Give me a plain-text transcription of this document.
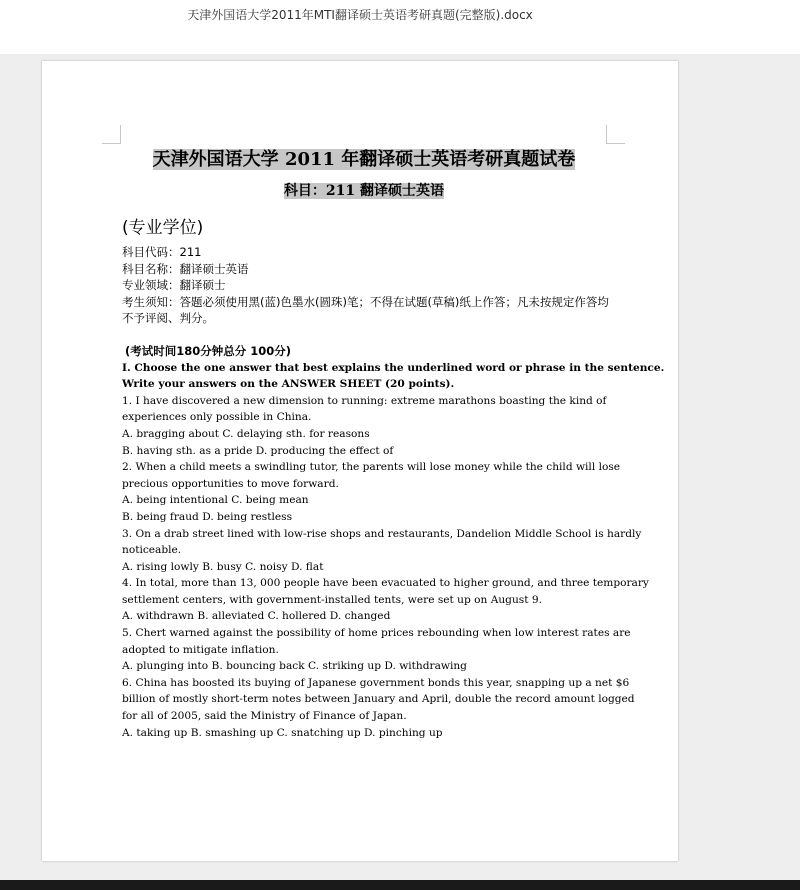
天津外国语大学2011年MTI翻译硕士英语考研真题(完整版).docx

天津外国语大学 2011 年翻译硕士英语考研真题试卷

科目：211 翻译硕士英语

(专业学位)

科目代码：211

科目名称：翻译硕士英语

专业领域：翻译硕士

考生须知：答题必须使用黑(蓝)色墨水(圆珠)笔；不得在试题(草稿)纸上作答；凡未按规定作答均不予评阅、判分。

(考试时间180分钟总分 100分)

Ⅰ. Choose the one answer that best explains the underlined word or phrase in the sentence.

Write your answers on the ANSWER SHEET (20 points).

1. I have discovered a new dimension to running: extreme marathons boasting the kind of

experiences only possible in China.

A. bragging about C. delaying sth. for reasons

B. having sth. as a pride D. producing the effect of

2. When a child meets a swindling tutor, the parents will lose money while the child will lose

precious opportunities to move forward.

A. being intentional C. being mean

B. being fraud D. being restless

3. On a drab street lined with low-rise shops and restaurants, Dandelion Middle School is hardly

noticeable.

A. rising lowly B. busy C. noisy D. flat

4. In total, more than 13, 000 people have been evacuated to higher ground, and three temporary

settlement centers, with government-installed tents, were set up on August 9.

A. withdrawn B. alleviated C. hollered D. changed

5. Chert warned against the possibility of home prices rebounding when low interest rates are

adopted to mitigate inflation.

A. plunging into B. bouncing back C. striking up D. withdrawing

6. China has boosted its buying of Japanese government bonds this year, snapping up a net $6

billion of mostly short-term notes between January and April, double the record amount logged

for all of 2005, said the Ministry of Finance of Japan.

A. taking up B. smashing up C. snatching up D. pinching up
